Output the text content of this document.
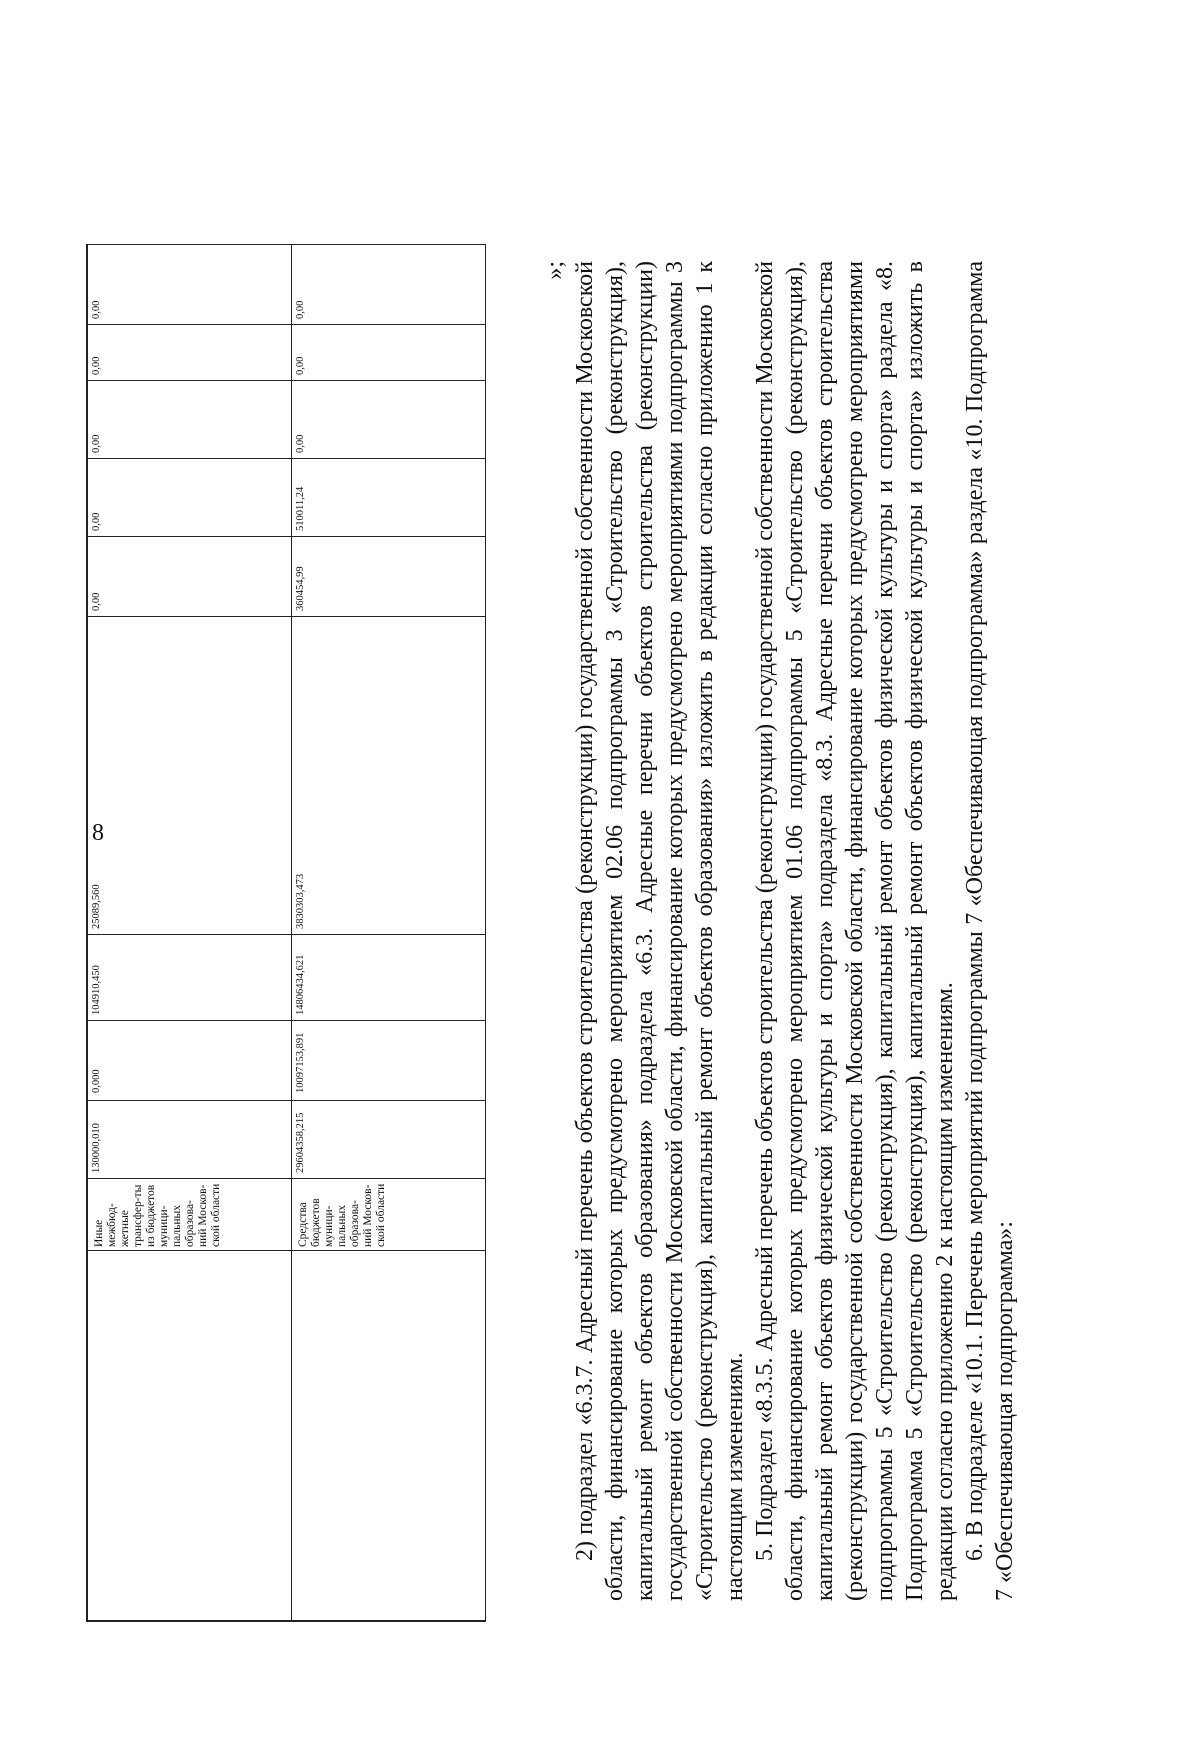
8
Иные межбюд-жетные трансфер-ты из бюджетов муници-пальных образова-ний Москов-ской области
130000,010
0,000
104910,450
25089,560
0,00
0,00
0,00
0,00
0,00
Средства бюджетов муници-пальных образова-ний Москов-ской области
29604358,215
10097153,891
14806434,621
3830303,473
360454,99
510011,24
0,00
0,00
0,00

»; 2) подраздел «6.3.7. Адресный перечень объектов строительства (реконструкции) государственной собственности Московской области, финансирование которых предусмотрено мероприятием 02.06 подпрограммы 3 «Строительство (реконструкция), капитальный ремонт объектов образования» подраздела «6.3. Адресные перечни объектов строительства (реконструкции) государственной собственности Московской области, финансирование которых предусмотрено мероприятиями подпрограммы 3 «Строительство (реконструкция), капитальный ремонт объектов образования» изложить в редакции согласно приложению 1 к настоящим изменениям. 5. Подраздел «8.3.5. Адресный перечень объектов строительства (реконструкции) государственной собственности Московской области, финансирование которых предусмотрено мероприятием 01.06 подпрограммы 5 «Строительство (реконструкция), капитальный ремонт объектов физической культуры и спорта» подраздела «8.3. Адресные перечни объектов строительства (реконструкции) государственной собственности Московской области, финансирование которых предусмотрено мероприятиями подпрограммы 5 «Строительство (реконструкция), капитальный ремонт объектов физической культуры и спорта» раздела «8. Подпрограмма 5 «Строительство (реконструкция), капитальный ремонт объектов физической культуры и спорта» изложить в редакции согласно приложению 2 к настоящим изменениям. 6. В подразделе «10.1. Перечень мероприятий подпрограммы 7 «Обеспечивающая подпрограмма» раздела «10. Подпрограмма 7 «Обеспечивающая подпрограмма»:
